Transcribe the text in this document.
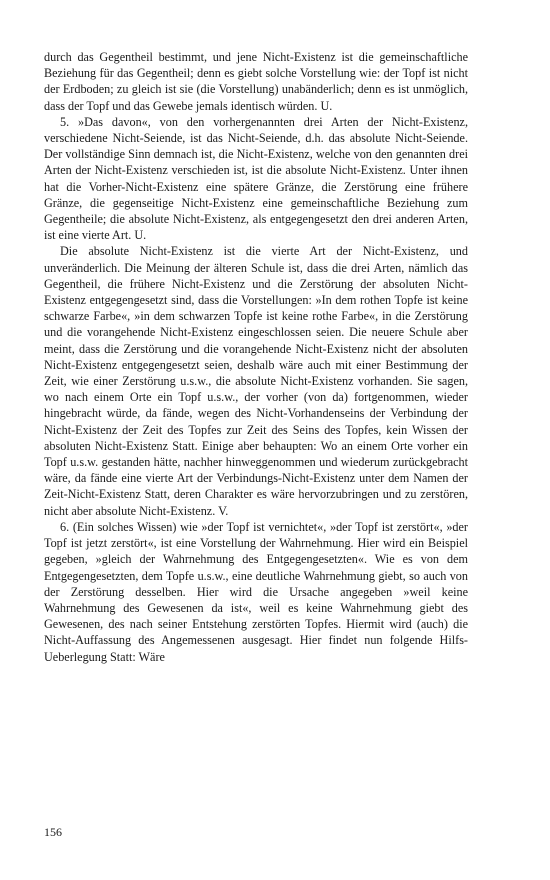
durch das Gegentheil bestimmt, und jene Nicht-Existenz ist die gemeinschaftliche Beziehung für das Gegentheil; denn es giebt solche Vorstellung wie: der Topf ist nicht der Erdboden; zu gleich ist sie (die Vorstellung) unabänderlich; denn es ist unmöglich, dass der Topf und das Gewebe jemals identisch würden. U.

5. »Das davon«, von den vorhergenannten drei Arten der Nicht-Existenz, verschiedene Nicht-Seiende, ist das Nicht-Seiende, d.h. das absolute Nicht-Seiende. Der vollständige Sinn demnach ist, die Nicht-Existenz, welche von den genannten drei Arten der Nicht-Existenz verschieden ist, ist die absolute Nicht-Existenz. Unter ihnen hat die Vorher-Nicht-Existenz eine spätere Gränze, die Zerstörung eine frühere Gränze, die gegenseitige Nicht-Existenz eine gemeinschaftliche Beziehung zum Gegentheile; die absolute Nicht-Existenz, als entgegengesetzt den drei anderen Arten, ist eine vierte Art. U.

Die absolute Nicht-Existenz ist die vierte Art der Nicht-Existenz, und unveränderlich. Die Meinung der älteren Schule ist, dass die drei Arten, nämlich das Gegentheil, die frühere Nicht-Existenz und die Zerstörung der absoluten Nicht-Existenz entgegengesetzt sind, dass die Vorstellungen: »In dem rothen Topfe ist keine schwarze Farbe«, »in dem schwarzen Topfe ist keine rothe Farbe«, in die Zerstörung und die vorangehende Nicht-Existenz eingeschlossen seien. Die neuere Schule aber meint, dass die Zerstörung und die vorangehende Nicht-Existenz nicht der absoluten Nicht-Existenz entgegengesetzt seien, deshalb wäre auch mit einer Bestimmung der Zeit, wie einer Zerstörung u.s.w., die absolute Nicht-Existenz vorhanden. Sie sagen, wo nach einem Orte ein Topf u.s.w., der vorher (von da) fortgenommen, wieder hingebracht würde, da fände, wegen des Nicht-Vorhandenseins der Verbindung der Nicht-Existenz der Zeit des Topfes zur Zeit des Seins des Topfes, kein Wissen der absoluten Nicht-Existenz Statt. Einige aber behaupten: Wo an einem Orte vorher ein Topf u.s.w. gestanden hätte, nachher hinweggenommen und wiederum zurückgebracht wäre, da fände eine vierte Art der Verbindungs-Nicht-Existenz unter dem Namen der Zeit-Nicht-Existenz Statt, deren Charakter es wäre hervorzubringen und zu zerstören, nicht aber absolute Nicht-Existenz. V.

6. (Ein solches Wissen) wie »der Topf ist vernichtet«, »der Topf ist zerstört«, »der Topf ist jetzt zerstört«, ist eine Vorstellung der Wahrnehmung. Hier wird ein Beispiel gegeben, »gleich der Wahrnehmung des Entgegengesetzten«. Wie es von dem Entgegengesetzten, dem Topfe u.s.w., eine deutliche Wahrnehmung giebt, so auch von der Zerstörung desselben. Hier wird die Ursache angegeben »weil keine Wahrnehmung des Gewesenen da ist«, weil es keine Wahrnehmung giebt des Gewesenen, des nach seiner Entstehung zerstörten Topfes. Hiermit wird (auch) die Nicht-Auffassung des Angemessenen ausgesagt. Hier findet nun folgende Hilfs-Ueberlegung Statt: Wäre

156
